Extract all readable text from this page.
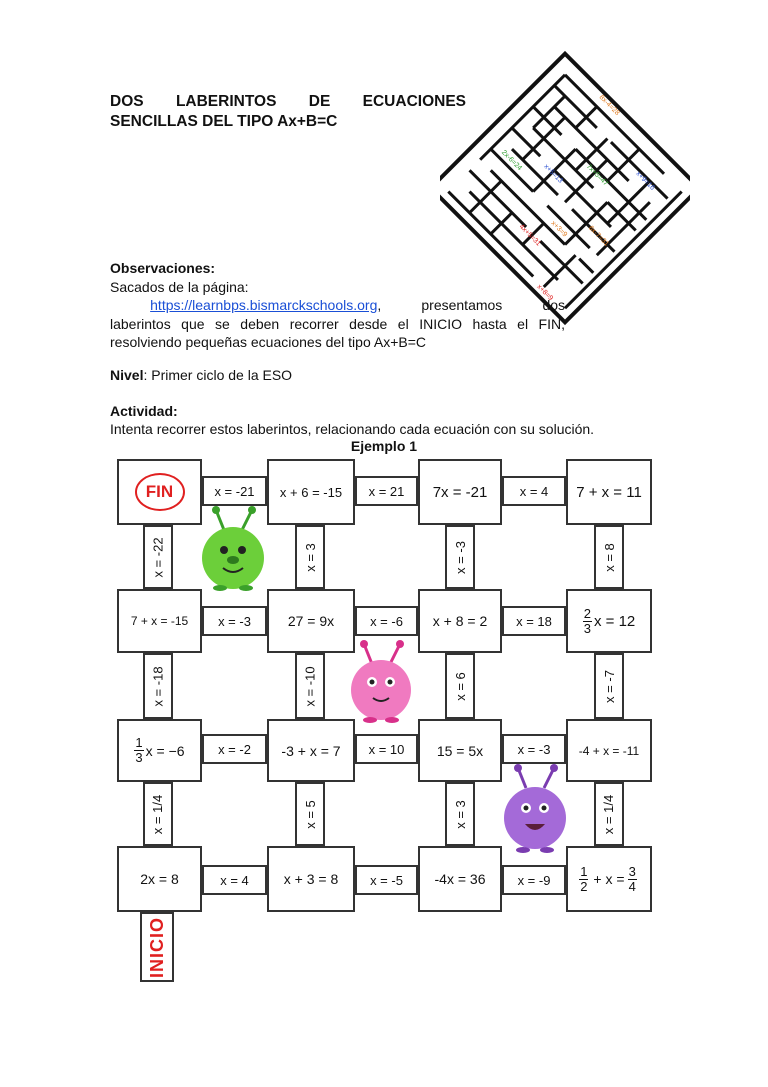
DOS LABERINTOS DE ECUACIONES SENCILLAS DEL TIPO Ax+B=C
8x-4=28
7x+5=47
6x-7=31
2x-6=24
x+5=13	x+9=16
4x+5=31 x+3=9
x+8=9
Observaciones:
Sacados de la página:
https://learnbps.bismarckschools.org, presentamos dos
laberintos que se deben recorrer desde el INICIO hasta el FIN,
resolviendo pequeñas ecuaciones del tipo Ax+B=C
Nivel: Primer ciclo de la ESO
Actividad:
Intenta recorrer estos laberintos, relacionando cada ecuación con su solución.
Ejemplo 1
FIN	x + 6 = -15	7x = -21	7 + x = 11
x = -21	x = 21	x = 4
x = -22	x = 3	x = -3	x = 8
7 + x = -15	27 = 9x	x + 8 = 2	$\frac{2}{3}$ x = 12
x = -3	x = -6	x = 18
x = -18	x = -10	x = 6	x = -7
$\frac{1}{3}$ x = −6	-3 + x = 7	15 = 5x	-4 + x = -11
x = -2	x = 10	x = -3
x = 1/4	x = 5	x = 3	x = 1/4
2x = 8	x + 3 = 8	-4x = 36	$\frac{1}{2} + x = \frac{3}{4}$
x = 4	x = -5	x = -9
INICIO
